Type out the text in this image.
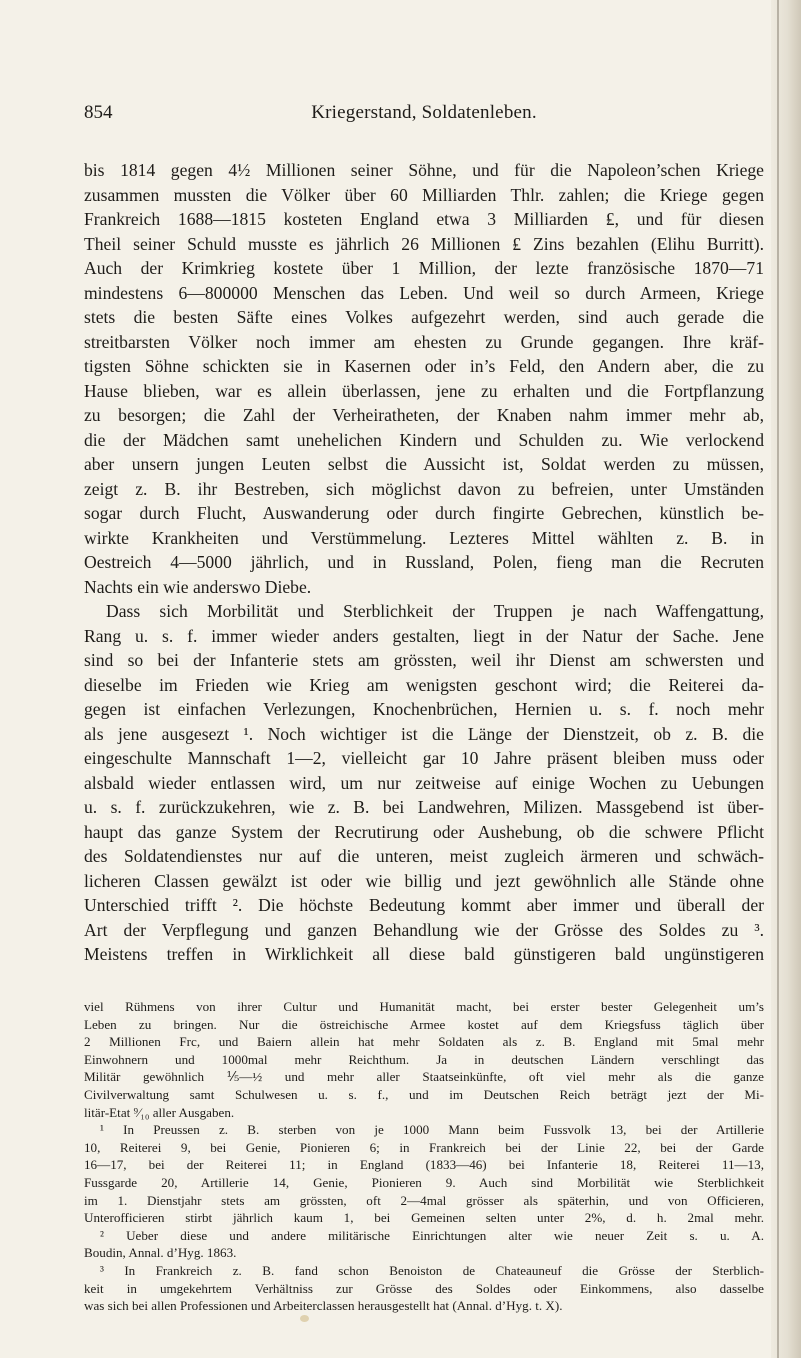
854	Kriegerstand, Soldatenleben.
bis 1814 gegen 4½ Millionen seiner Söhne, und für die Napoleon’schen Kriege
zusammen mussten die Völker über 60 Milliarden Thlr. zahlen; die Kriege gegen
Frankreich 1688—1815 kosteten England etwa 3 Milliarden ₤, und für diesen
Theil seiner Schuld musste es jährlich 26 Millionen ₤ Zins bezahlen (Elihu Burritt).
Auch der Krimkrieg kostete über 1 Million, der lezte französische 1870—71
mindestens 6—800000 Menschen das Leben. Und weil so durch Armeen, Kriege
stets die besten Säfte eines Volkes aufgezehrt werden, sind auch gerade die
streitbarsten Völker noch immer am ehesten zu Grunde gegangen. Ihre kräf-
tigsten Söhne schickten sie in Kasernen oder in’s Feld, den Andern aber, die zu
Hause blieben, war es allein überlassen, jene zu erhalten und die Fortpflanzung
zu besorgen; die Zahl der Verheiratheten, der Knaben nahm immer mehr ab,
die der Mädchen samt unehelichen Kindern und Schulden zu. Wie verlockend
aber unsern jungen Leuten selbst die Aussicht ist, Soldat werden zu müssen,
zeigt z. B. ihr Bestreben, sich möglichst davon zu befreien, unter Umständen
sogar durch Flucht, Auswanderung oder durch fingirte Gebrechen, künstlich be-
wirkte Krankheiten und Verstümmelung. Lezteres Mittel wählten z. B. in
Oestreich 4—5000 jährlich, und in Russland, Polen, fieng man die Recruten
Nachts ein wie anderswo Diebe.
Dass sich Morbilität und Sterblichkeit der Truppen je nach Waffengattung,
Rang u. s. f. immer wieder anders gestalten, liegt in der Natur der Sache. Jene
sind so bei der Infanterie stets am grössten, weil ihr Dienst am schwersten und
dieselbe im Frieden wie Krieg am wenigsten geschont wird; die Reiterei da-
gegen ist einfachen Verlezungen, Knochenbrüchen, Hernien u. s. f. noch mehr
als jene ausgesezt ¹. Noch wichtiger ist die Länge der Dienstzeit, ob z. B. die
eingeschulte Mannschaft 1—2, vielleicht gar 10 Jahre präsent bleiben muss oder
alsbald wieder entlassen wird, um nur zeitweise auf einige Wochen zu Uebungen
u. s. f. zurückzukehren, wie z. B. bei Landwehren, Milizen. Massgebend ist über-
haupt das ganze System der Recrutirung oder Aushebung, ob die schwere Pflicht
des Soldatendienstes nur auf die unteren, meist zugleich ärmeren und schwäch-
licheren Classen gewälzt ist oder wie billig und jezt gewöhnlich alle Stände ohne
Unterschied trifft ². Die höchste Bedeutung kommt aber immer und überall der
Art der Verpflegung und ganzen Behandlung wie der Grösse des Soldes zu ³.
Meistens treffen in Wirklichkeit all diese bald günstigeren bald ungünstigeren
viel Rühmens von ihrer Cultur und Humanität macht, bei erster bester Gelegenheit um’s
Leben zu bringen. Nur die östreichische Armee kostet auf dem Kriegsfuss täglich über
2 Millionen Frc, und Baiern allein hat mehr Soldaten als z. B. England mit 5mal mehr
Einwohnern und 1000mal mehr Reichthum. Ja in deutschen Ländern verschlingt das
Militär gewöhnlich ⅕—½ und mehr aller Staatseinkünfte, oft viel mehr als die ganze
Civilverwaltung samt Schulwesen u. s. f., und im Deutschen Reich beträgt jezt der Mi-
litär-Etat ⁹⁄₁₀ aller Ausgaben.
¹ In Preussen z. B. sterben von je 1000 Mann beim Fussvolk 13, bei der Artillerie
10, Reiterei 9, bei Genie, Pionieren 6; in Frankreich bei der Linie 22, bei der Garde
16—17, bei der Reiterei 11; in England (1833—46) bei Infanterie 18, Reiterei 11—13,
Fussgarde 20, Artillerie 14, Genie, Pionieren 9. Auch sind Morbilität wie Sterblichkeit
im 1. Dienstjahr stets am grössten, oft 2—4mal grösser als späterhin, und von Officieren,
Unterofficieren stirbt jährlich kaum 1, bei Gemeinen selten unter 2%, d. h. 2mal mehr.
² Ueber diese und andere militärische Einrichtungen alter wie neuer Zeit s. u. A.
Boudin, Annal. d’Hyg. 1863.
³ In Frankreich z. B. fand schon Benoiston de Chateauneuf die Grösse der Sterblich-
keit in umgekehrtem Verhältniss zur Grösse des Soldes oder Einkommens, also dasselbe
was sich bei allen Professionen und Arbeiterclassen herausgestellt hat (Annal. d’Hyg. t. X).
